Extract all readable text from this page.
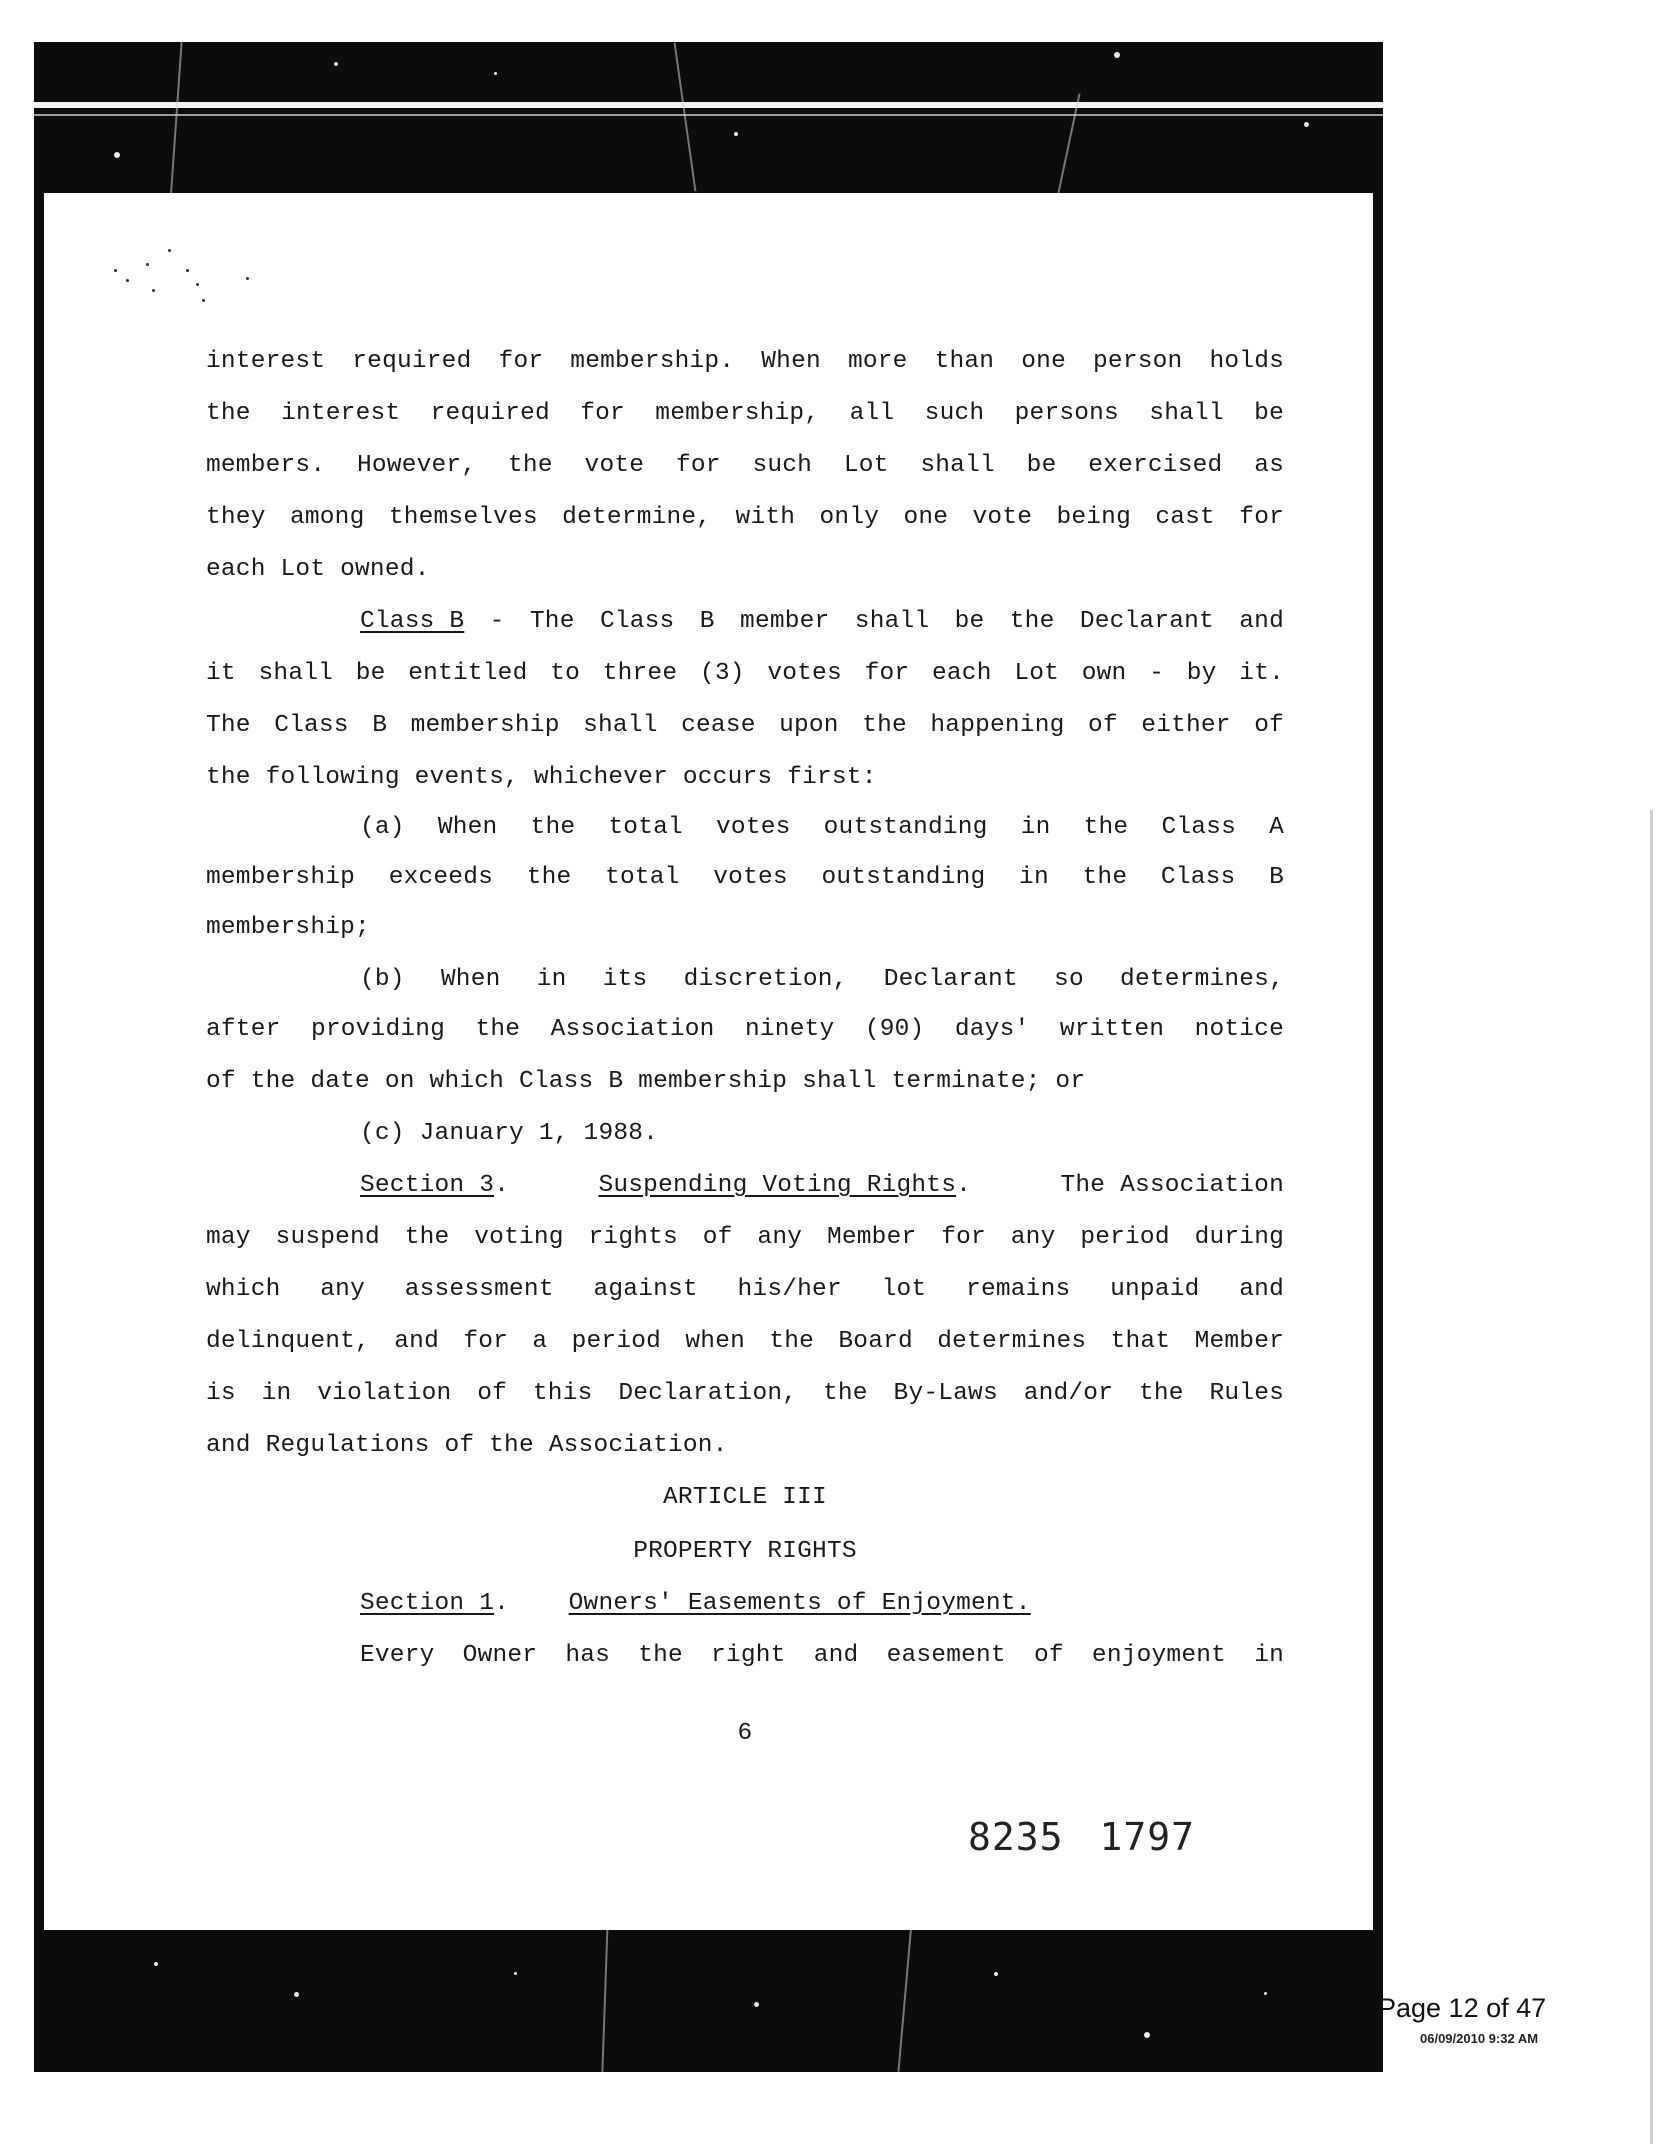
interest required for membership. When more than one person holds

the interest required for membership, all such persons shall be

members. However, the vote for such Lot shall be exercised as

they among themselves determine, with only one vote being cast for

each Lot owned.

Class B - The Class B member shall be the Declarant and

it shall be entitled to three (3) votes for each Lot own - by it.

The Class B membership shall cease upon the happening of either of

the following events, whichever occurs first:

(a) When the total votes outstanding in the Class A

membership exceeds the total votes outstanding in the Class B

membership;

(b) When in its discretion, Declarant so determines,

after providing the Association ninety (90) days' written notice

of the date on which Class B membership shall terminate; or

(c) January 1, 1988.

Section 3.	Suspending Voting Rights.	The Association

may suspend the voting rights of any Member for any period during

which any assessment against his/her lot remains unpaid and

delinquent, and for a period when the Board determines that Member

is in violation of this Declaration, the By-Laws and/or the Rules

and Regulations of the Association.

ARTICLE III

PROPERTY RIGHTS

Section 1.    Owners' Easements of Enjoyment.

Every Owner has the right and easement of enjoyment in

6

8235 1797
Page 12 of 47
06/09/2010 9:32 AM
